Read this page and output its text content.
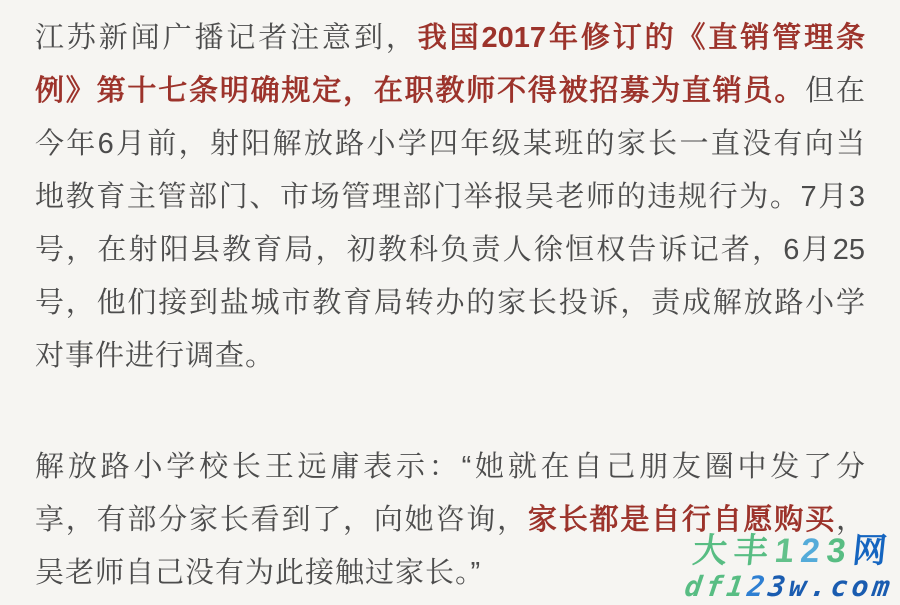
江苏新闻广播记者注意到，我国2017年修订的《直销管理条
例》第十七条明确规定，在职教师不得被招募为直销员。但在
今年6月前，射阳解放路小学四年级某班的家长一直没有向当
地教育主管部门、市场管理部门举报吴老师的违规行为。7月3
号，在射阳县教育局，初教科负责人徐恒权告诉记者，6月25
号，他们接到盐城市教育局转办的家长投诉，责成解放路小学
对事件进行调查。
解放路小学校长王远庸表示：“她就在自己朋友圈中发了分
享，有部分家长看到了，向她咨询，家长都是自行自愿购买，
吴老师自己没有为此接触过家长。”
大丰123网
df123w.com
